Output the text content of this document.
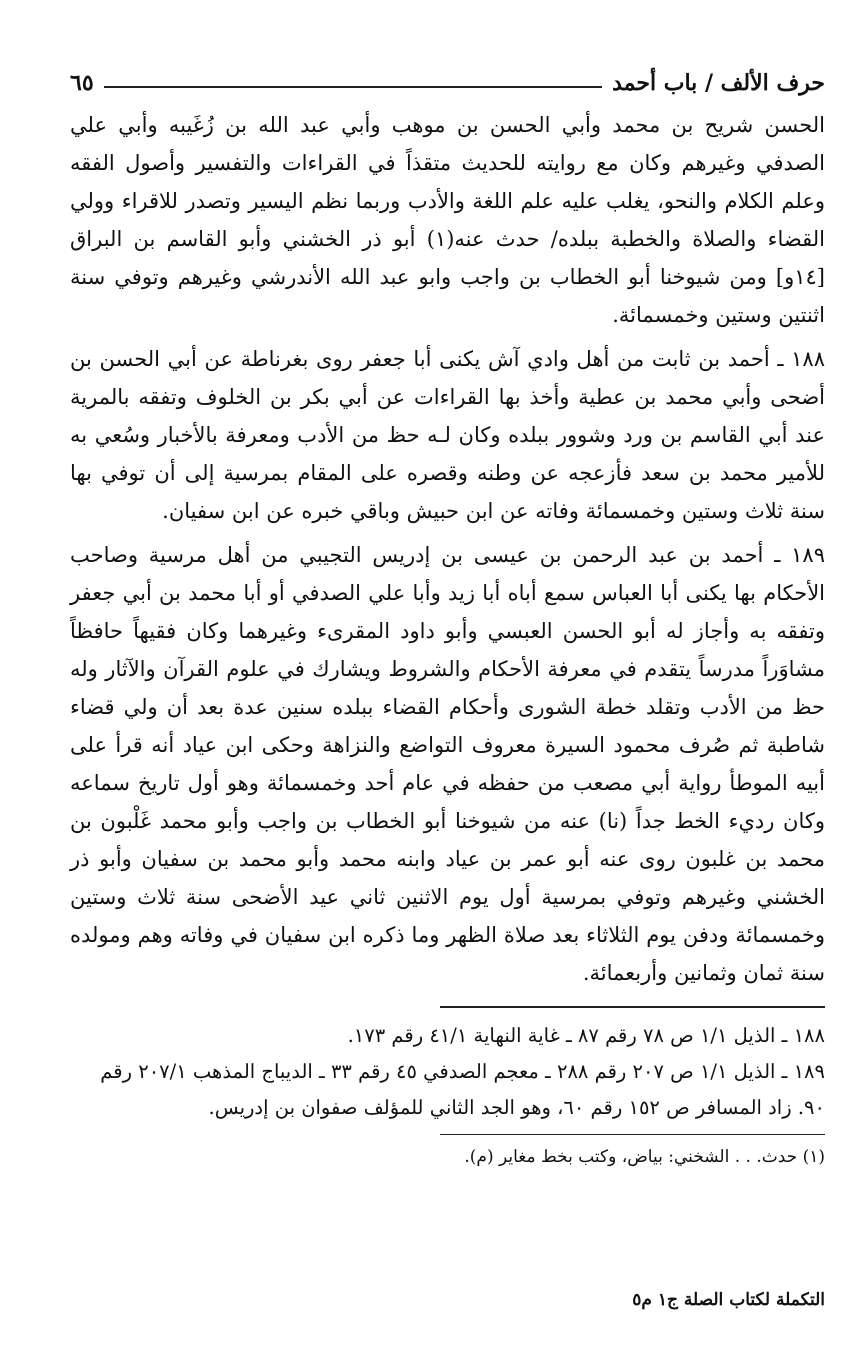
حرف الألف / باب أحمد
٦٥

الحسن شريح بن محمد وأبي الحسن بن موهب وأبي عبد الله بن زُغَيبه وأبي علي الصدفي وغيرهم وكان مع روايته للحديث متقذاً في القراءات والتفسير وأصول الفقه وعلم الكلام والنحو، يغلب عليه علم اللغة والأدب وربما نظم اليسير وتصدر للاقراء وولي القضاء والصلاة والخطبة ببلده/ حدث عنه(١) أبو ذر الخشني وأبو القاسم بن البراق [١٤و] ومن شيوخنا أبو الخطاب بن واجب وابو عبد الله الأندرشي وغيرهم وتوفي سنة اثنتين وستين وخمسمائة.

١٨٨ ـ أحمد بن ثابت من أهل وادي آش يكنى أبا جعفر روى بغرناطة عن أبي الحسن بن أضحى وأبي محمد بن عطية وأخذ بها القراءات عن أبي بكر بن الخلوف وتفقه بالمرية عند أبي القاسم بن ورد وشوور ببلده وكان لـه حظ من الأدب ومعرفة بالأخبار وسُعي به للأمير محمد بن سعد فأزعجه عن وطنه وقصره على المقام بمرسية إلى أن توفي بها سنة ثلاث وستين وخمسمائة وفاته عن ابن حبيش وباقي خبره عن ابن سفيان.

١٨٩ ـ أحمد بن عبد الرحمن بن عيسى بن إدريس التجيبي من أهل مرسية وصاحب الأحكام بها يكنى أبا العباس سمع أباه أبا زيد وأبا علي الصدفي أو أبا محمد بن أبي جعفر وتفقه به وأجاز له أبو الحسن العبسي وأبو داود المقرىء وغيرهما وكان فقيهاً حافظاً مشاوَراً مدرساً يتقدم في معرفة الأحكام والشروط ويشارك في علوم القرآن والآثار وله حظ من الأدب وتقلد خطة الشورى وأحكام القضاء ببلده سنين عدة بعد أن ولي قضاء شاطبة ثم صُرف محمود السيرة معروف التواضع والنزاهة وحكى ابن عياد أنه قرأ على أبيه الموطأ رواية أبي مصعب من حفظه في عام أحد وخمسمائة وهو أول تاريخ سماعه وكان رديء الخط جداً (نا) عنه من شيوخنا أبو الخطاب بن واجب وأبو محمد غَلْبون بن محمد بن غلبون روى عنه أبو عمر بن عياد وابنه محمد وأبو محمد بن سفيان وأبو ذر الخشني وغيرهم وتوفي بمرسية أول يوم الاثنين ثاني عيد الأضحى سنة ثلاث وستين وخمسمائة ودفن يوم الثلاثاء بعد صلاة الظهر وما ذكره ابن سفيان في وفاته وهم ومولده سنة ثمان وثمانين وأربعمائة.

١٨٨ ـ الذيل ١/١ ص ٧٨ رقم ٨٧ ـ غاية النهاية ٤١/١ رقم ١٧٣.

١٨٩ ـ الذيل ١/١ ص ٢٠٧ رقم ٢٨٨ ـ معجم الصدفي ٤٥ رقم ٣٣ ـ الديباج المذهب ٢٠٧/١ رقم ٩٠. زاد المسافر ص ١٥٢ رقم ٦٠، وهو الجد الثاني للمؤلف صفوان بن إدريس.

(١) حدث. . . الشخني: بياض، وكتب بخط مغاير (م).
التكملة لكتاب الصلة ج١ م٥
